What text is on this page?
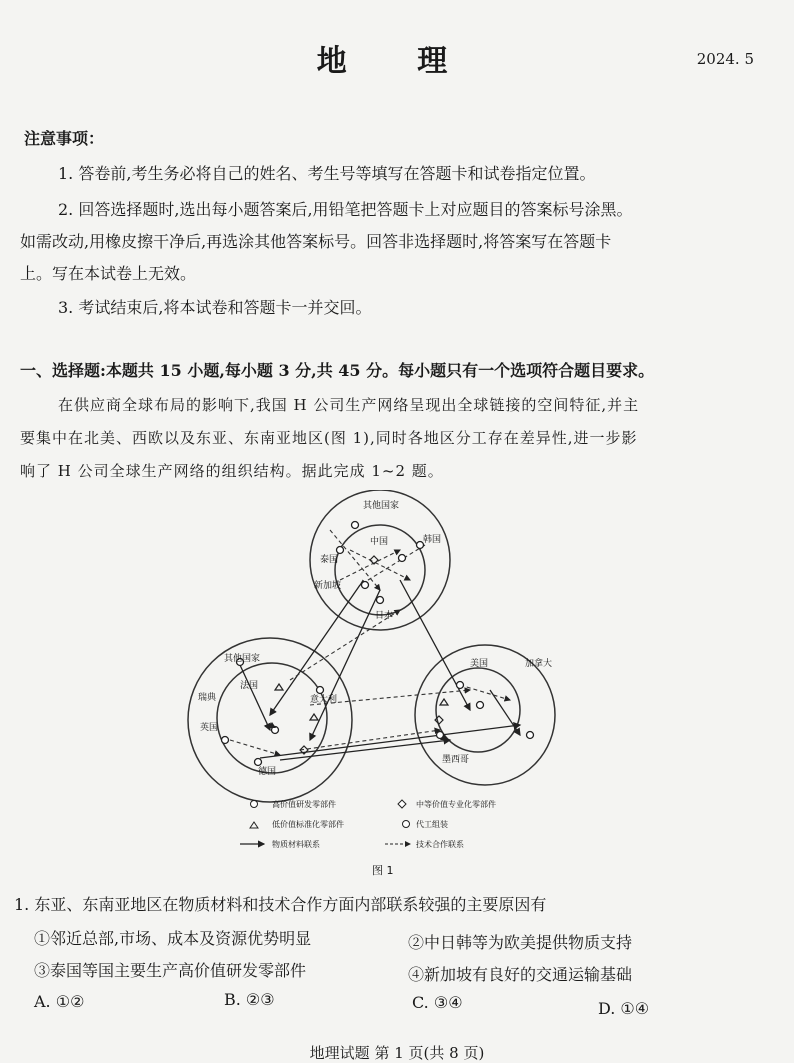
地 理	2024. 5
注意事项：
1. 答卷前,考生务必将自己的姓名、考生号等填写在答题卡和试卷指定位置。
2. 回答选择题时,选出每小题答案后,用铅笔把答题卡上对应题目的答案标号涂黑。
如需改动,用橡皮擦干净后,再选涂其他答案标号。回答非选择题时,将答案写在答题卡
上。写在本试卷上无效。
3. 考试结束后,将本试卷和答题卡一并交回。
一、选择题:本题共 15 小题,每小题 3 分,共 45 分。每小题只有一个选项符合题目要求。
在供应商全球布局的影响下,我国 H 公司生产网络呈现出全球链接的空间特征,并主
要集中在北美、西欧以及东亚、东南亚地区(图 1),同时各地区分工存在差异性,进一步影
响了 H 公司全球生产网络的组织结构。据此完成 1~2 题。
其他国家
中国	韩国
泰国
新加坡
日本
其他国家
法国
瑞典
英国
意大利
德国
美国	加拿大
墨西哥
高价值研发零部件	中等价值专业化零部件
低价值标准化零部件	代工组装
物质材料联系	技术合作联系
图 1
1. 东亚、东南亚地区在物质材料和技术合作方面内部联系较强的主要原因有
①邻近总部,市场、成本及资源优势明显	②中日韩等为欧美提供物质支持
③泰国等国主要生产高价值研发零部件	④新加坡有良好的交通运输基础
A. ①②	B. ②③	C. ③④	D. ①④
地理试题 第 1 页(共 8 页)
